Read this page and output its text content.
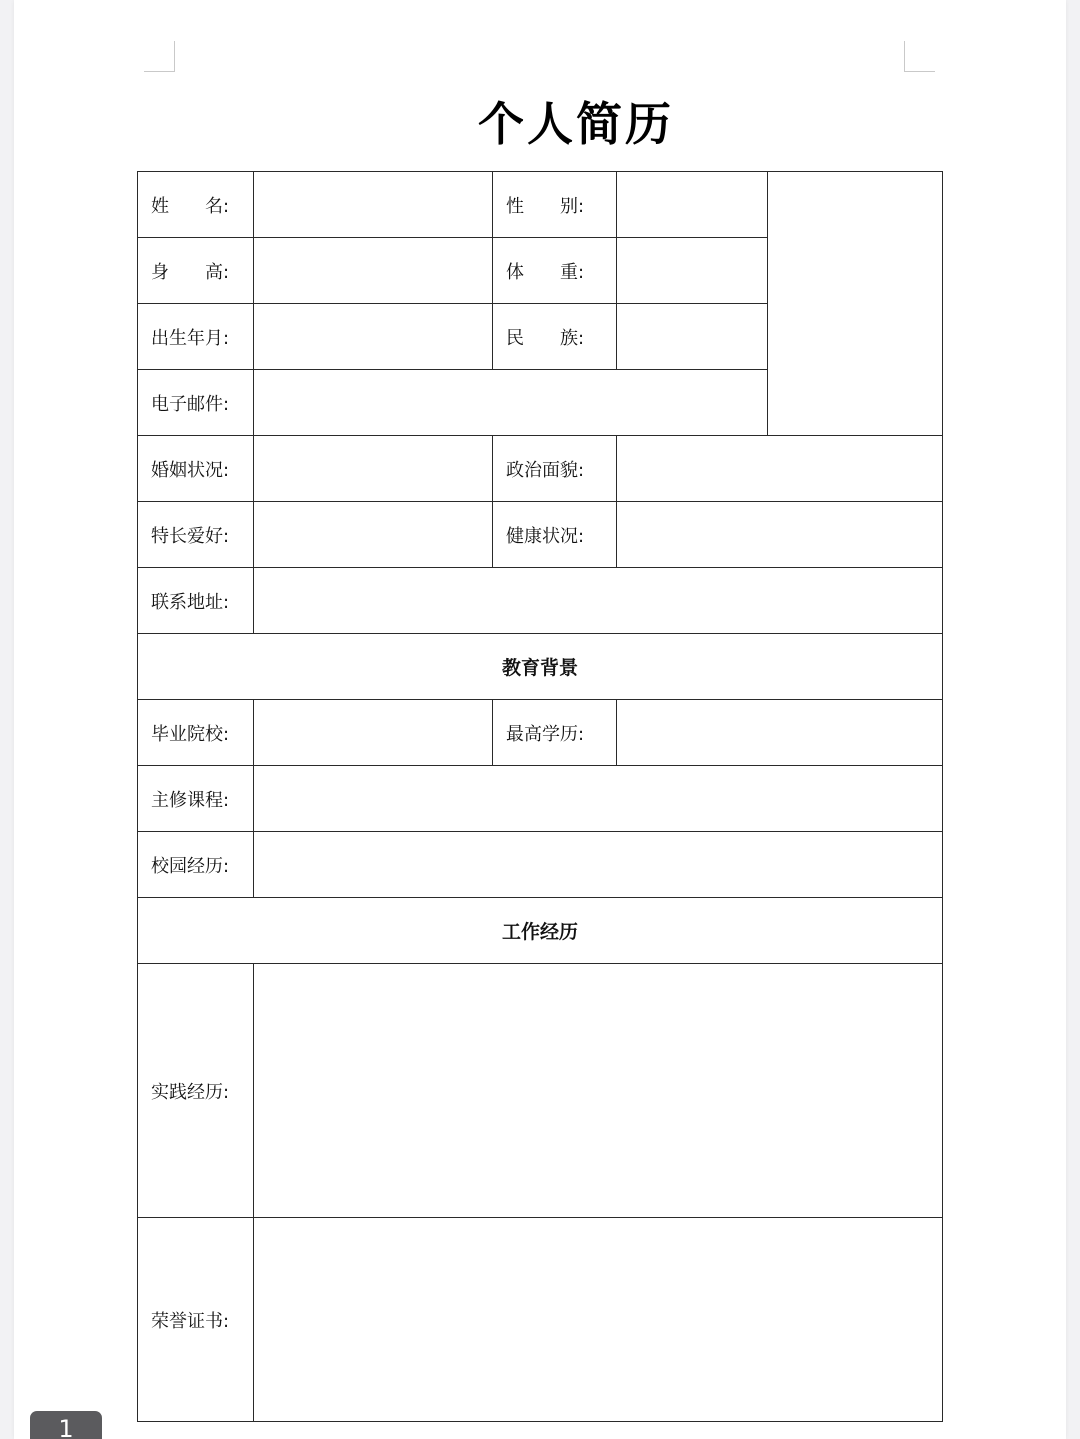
个人简历
姓　　名:		性　　别:		
身　　高:		体　　重:		
出生年月:		民　　族:		
电子邮件:				
婚姻状况:		政治面貌:		
特长爱好:		健康状况:		
联系地址:				
教育背景				
毕业院校:		最高学历:		
主修课程:				
校园经历:				
工作经历				
实践经历:				
荣誉证书:				
1
